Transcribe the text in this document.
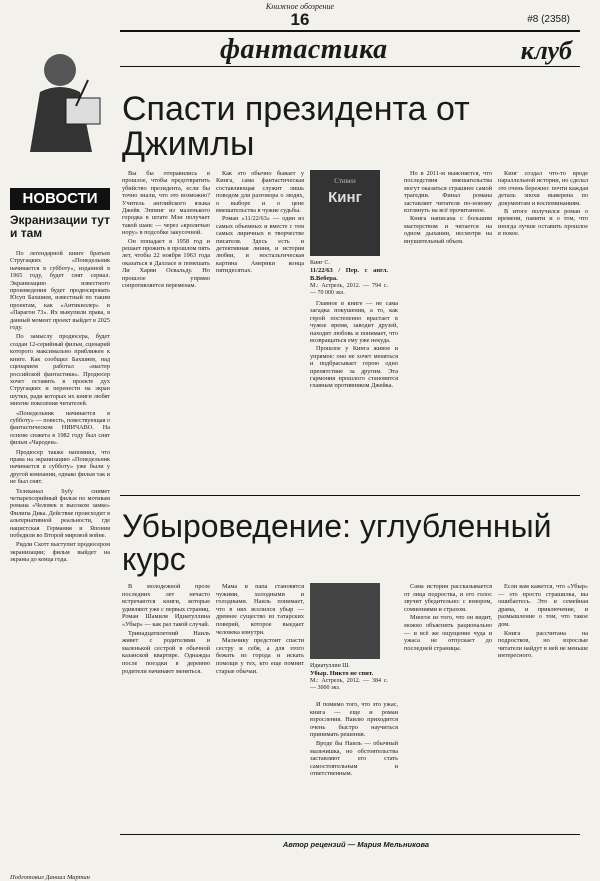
Книжное обозрение
16	#8 (2358)
фантастика	клуб
НОВОСТИ
Экранизации тут и там

По легендарной книге братьев Стругацких «Понедельник начинается в субботу», изданной в 1965 году, будет снят сериал. Экранизацию известного произведения будет продюсировать Юсуп Бахшиев, известный по таким проектам, как «Антикиллер» и «Парагон 73». Их выкупили права, в данный момент проект выйдет в 2025 году.

По замыслу продюсера, будет создан 12-серийный фильм, сценарий которого максимально приближен к книге. Как сообщил Бахшиев, над сценарием работал «мастер российской фантастики». Продюсер хочет оставить в проекте дух Стругацких и перенести на экран шутки, ради которых их книги любят многие поколения читателей.

«Понедельник начинается в субботу» — повесть, повествующая о фантастическом НИИЧАВО. На основе сюжета в 1982 году был снят фильм «Чародеи».

Продюсер также напомнил, что права на экранизацию «Понедельник начинается в субботу» уже были у другой компании, однако фильм так и не был снят.

Телеканал Syfy снимет четырехсерийный фильм по мотивам романа «Человек в высоком замке» Филипа Дика. Действие происходит в альтернативной реальности, где нацистская Германия и Япония победили во Второй мировой войне.

Ридли Скотт выступит продюсером экранизации; фильм выйдет на экраны до конца года.

Подготовил Даниил Мартин
Спасти президента от Джимлы

Вы бы отправились в прошлое, чтобы предотвратить убийство президента, если бы точно знали, что это возможно? Учитель английского языка Джейк Эппинг из маленького городка в штате Мэн получает такой шанс — через «кроличью нору» в подсобке закусочной.

Он попадает в 1958 год и решает прожить в прошлом пять лет, чтобы 22 ноября 1963 года оказаться в Далласе и помешать Ли Харви Освальду. Но прошлое упрямо сопротивляется переменам.

Как это обычно бывает у Кинга, сама фантастическая составляющая служит лишь поводом для разговора о людях, о выборе и о цене вмешательства в чужие судьбы.

Роман «11/22/63» — один из самых объемных и вместе с тем самых лиричных в творчестве писателя. Здесь есть и детективная линия, и история любви, и ностальгическая картина Америки конца пятидесятых.

Стивен
Кинг
Кинг С.
11/22/63 / Пер. с англ. В.Вебера.
М.: Астрель, 2012. — 794 с. — 70 000 экз.

Главное в книге — не сама загадка покушения, а то, как герой постепенно врастает в чужое время, заводит друзей, находит любовь и понимает, что возвращаться ему уже некуда.

Прошлое у Кинга живое и упрямое: оно не хочет меняться и подбрасывает герою одно препятствие за другим. Эта гармония прошлого становится главным противником Джейка.

Но в 2011-м выясняется, что последствия вмешательства могут оказаться страшнее самой трагедии. Финал романа заставляет читателя по-новому взглянуть на всё прочитанное.

Книга написана с большим мастерством и читается на одном дыхании, несмотря на внушительный объем.

Кинг создал что-то вроде параллельной истории, но сделал это очень бережно: почти каждая деталь эпохи выверена по документам и воспоминаниям.

В итоге получился роман о времени, памяти и о том, что иногда лучше оставить прошлое в покое.

Убыроведение: углубленный курс

В молодежной прозе последних лет нечасто встречаются книги, которые удивляют уже с первых страниц. Роман Шамиля Идиатуллина «Убыр» — как раз такой случай.

Тринадцатилетний Наиль живет с родителями и маленькой сестрой в обычной казанской квартире. Однажды после поездки в деревню родители начинают меняться.

Мама и папа становятся чужими, холодными и голодными. Наиль понимает, что в них вселился убыр — древнее существо из татарских поверий, которое выедает человека изнутри.

Мальчику предстоит спасти сестру и себя, а для этого бежать из города и искать помощи у тех, кто еще помнит старые обычаи.

Идиатуллин Ш.
Убыр. Никто не спит.
М.: Астрель, 2012. — 384 с. — 3000 экз.

И помимо того, что это ужас, книга — еще и роман взросления. Наилю приходится очень быстро научиться принимать решения.

Вроде бы Наиль — обычный мальчишка, но обстоятельства заставляют его стать самостоятельным и ответственным.

Сама история рассказывается от лица подростка, и его голос звучит убедительно: с юмором, сомнениями и страхом.

Многое из того, что он видит, можно объяснить рационально — и всё же ощущение чуда и ужаса не отпускает до последней страницы.

Если вам кажется, что «Убыр» — это просто страшилка, вы ошибаетесь. Это и семейная драма, и приключение, и размышление о том, что такое дом.

Книга рассчитана на подростков, но взрослые читатели найдут в ней не меньше интересного.

Автор рецензий — Мария Мельникова
